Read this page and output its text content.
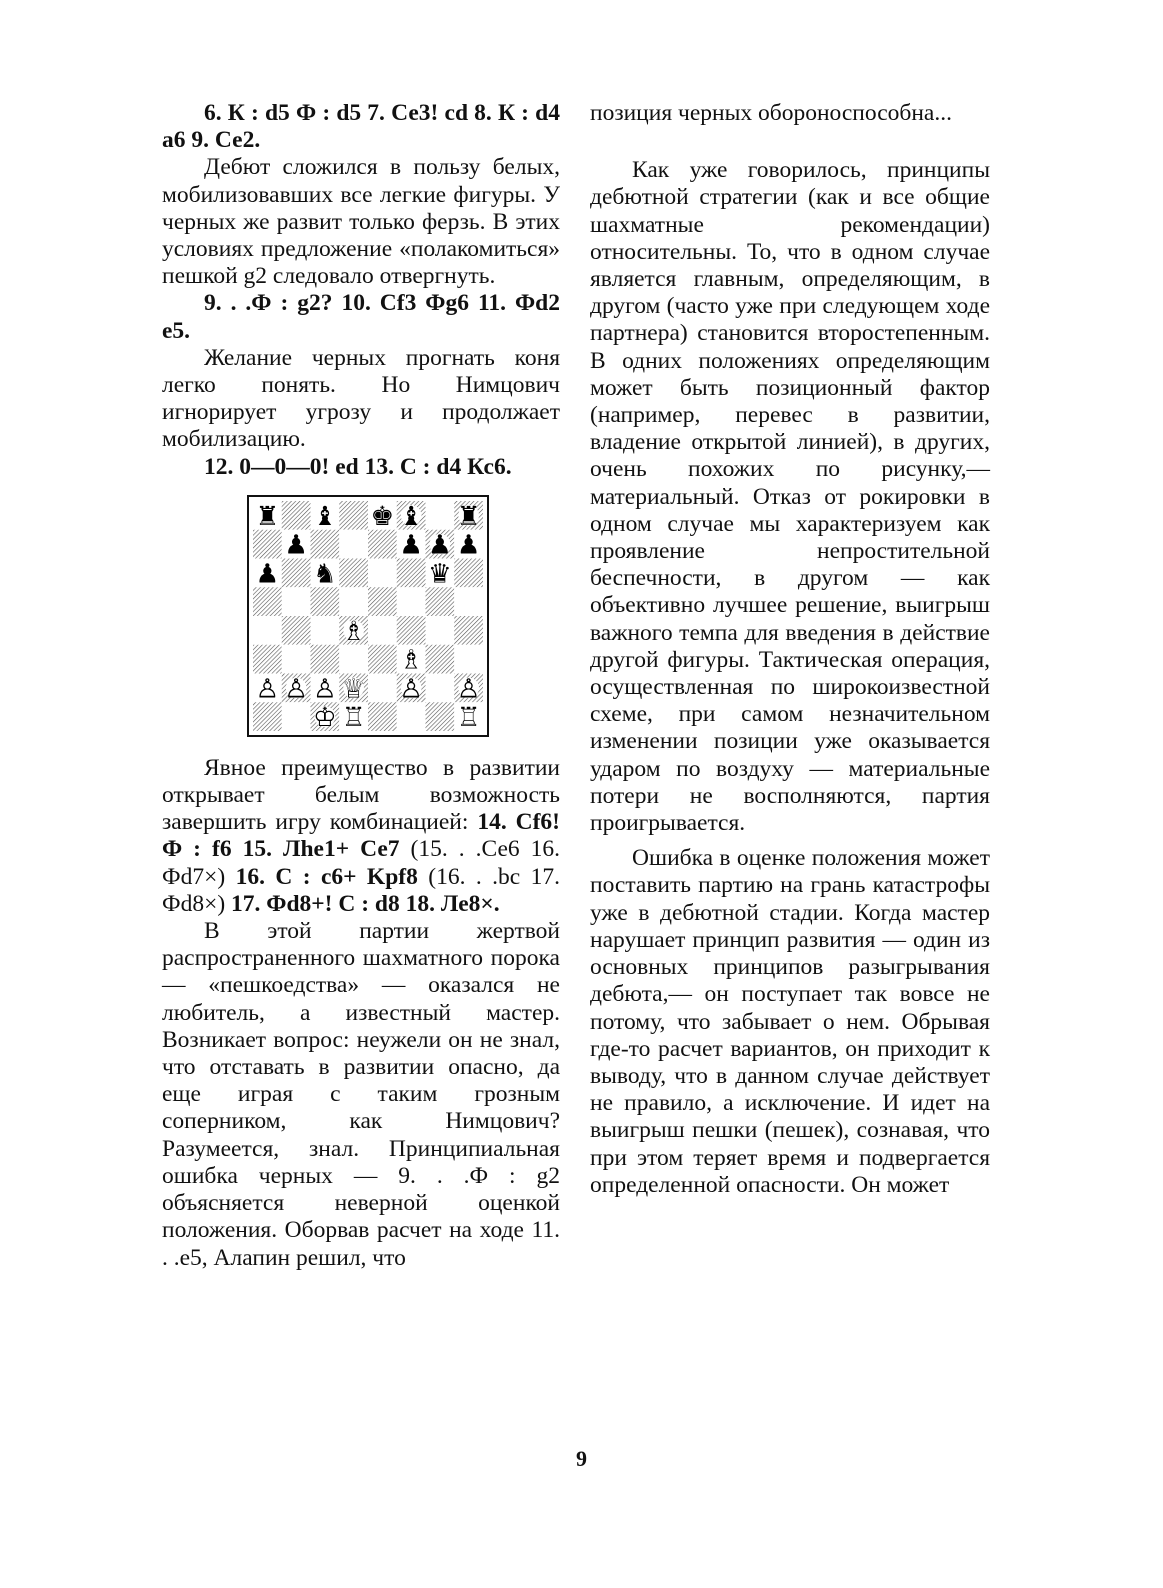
6. К : d5 Ф : d5 7. Се3! cd 8. К : d4 а6 9. Се2.

Дебют сложился в пользу белых, мобилизовавших все легкие фигуры. У черных же развит только ферзь. В этих условиях предложение «полакомиться» пешкой g2 следовало отвергнуть.

9. . .Ф : g2? 10. Cf3 Фg6 11. Фd2 е5.

Желание черных прогнать коня легко понять. Но Нимцович игнорирует угрозу и продолжает мобилизацию.

12. 0—0—0! ed 13. С : d4 Кс6.

♜ ♝ ♚ ♝ ♜
♟	♟ ♟ ♟
♟ ♞	♛
♗
♗
♙ ♙ ♙ ♕ ♙ ♙
♔ ♖	♖

Явное преимущество в развитии открывает белым возможность завершить игру комбинацией: 14. Cf6! Ф : f6 15. Лhe1+ Се7 (15. . .Се6 16. Фd7×) 16. С : с6+ Kpf8 (16. . .bc 17. Фd8×) 17. Фd8+! С : d8 18. Ле8×.

В этой партии жертвой распространенного шахматного порока — «пешкоедства» — оказался не любитель, а известный мастер. Возникает вопрос: неужели он не знал, что отставать в развитии опасно, да еще играя с таким грозным соперником, как Нимцович? Разумеется, знал. Принципиальная ошибка черных — 9. . .Ф : g2 объясняется неверной оценкой положения. Оборвав расчет на ходе 11. . .е5, Алапин решил, что

позиция черных обороноспособна...

Как уже говорилось, принципы дебютной стратегии (как и все общие шахматные рекомендации) относительны. То, что в одном случае является главным, определяющим, в другом (часто уже при следующем ходе партнера) становится второстепенным. В одних положениях определяющим может быть позиционный фактор (например, перевес в развитии, владение открытой линией), в других, очень похожих по рисунку,— материальный. Отказ от рокировки в одном случае мы характеризуем как проявление непростительной беспечности, в другом — как объективно лучшее решение, выигрыш важного темпа для введения в действие другой фигуры. Тактическая операция, осуществленная по широкоизвестной схеме, при самом незначительном изменении позиции уже оказывается ударом по воздуху — материальные потери не восполняются, партия проигрывается.

Ошибка в оценке положения может поставить партию на грань катастрофы уже в дебютной стадии. Когда мастер нарушает принцип развития — один из основных принципов разыгрывания дебюта,— он поступает так вовсе не потому, что забывает о нем. Обрывая где-то расчет вариантов, он приходит к выводу, что в данном случае действует не правило, а исключение. И идет на выигрыш пешки (пешек), сознавая, что при этом теряет время и подвергается определенной опасности. Он может

9
